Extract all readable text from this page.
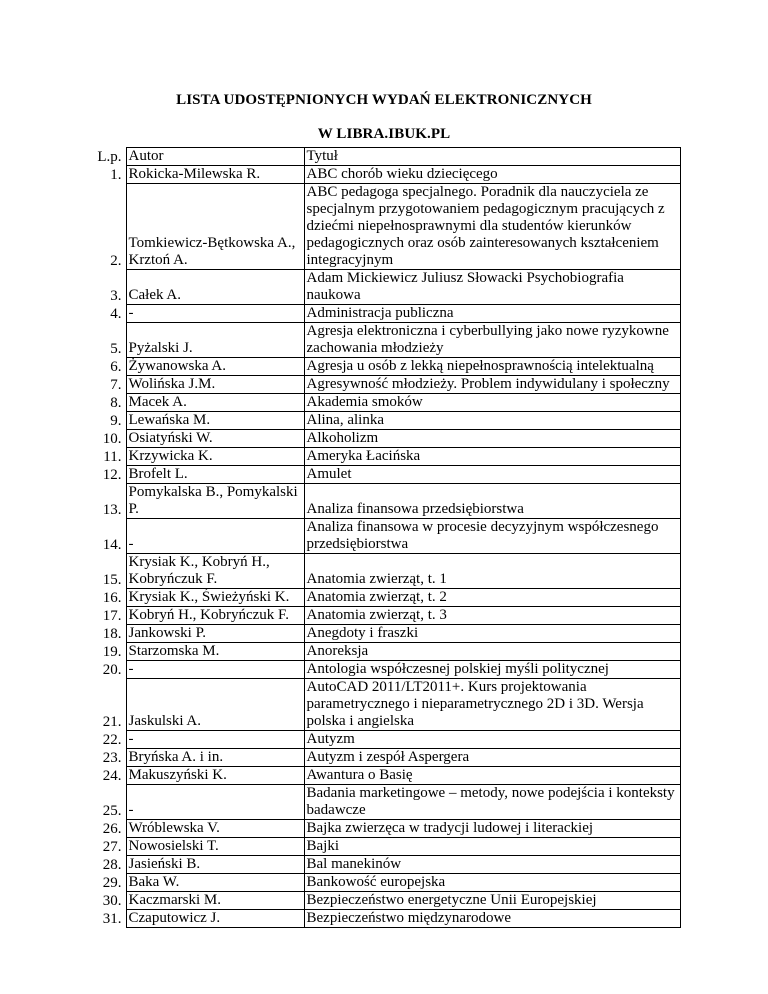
LISTA UDOSTĘPNIONYCH WYDAŃ ELEKTRONICZNYCH
W LIBRA.IBUK.PL
L.p.	Autor	Tytuł
1.	Rokicka-Milewska R.	ABC chorób wieku dziecięcego
2.	Tomkiewicz-Bętkowska A., Krztoń A.	ABC pedagoga specjalnego. Poradnik dla nauczyciela ze specjalnym przygotowaniem pedagogicznym pracujących z dziećmi niepełnosprawnymi dla studentów kierunków pedagogicznych oraz osób zainteresowanych kształceniem integracyjnym
3.	Całek A.	Adam Mickiewicz Juliusz Słowacki Psychobiografia naukowa
4.	-	Administracja publiczna
5.	Pyżalski J.	Agresja elektroniczna i cyberbullying jako nowe ryzykowne zachowania młodzieży
6.	Żywanowska A.	Agresja u osób z lekką niepełnosprawnością intelektualną
7.	Wolińska J.M.	Agresywność młodzieży. Problem indywidulany i społeczny
8.	Macek A.	Akademia smoków
9.	Lewańska M.	Alina, alinka
10.	Osiatyński W.	Alkoholizm
11.	Krzywicka K.	Ameryka Łacińska
12.	Brofelt L.	Amulet
13.	Pomykalska B., Pomykalski P.	Analiza finansowa przedsiębiorstwa
14.	-	Analiza finansowa w procesie decyzyjnym współczesnego przedsiębiorstwa
15.	Krysiak K., Kobryń H., Kobryńczuk F.	Anatomia zwierząt, t. 1
16.	Krysiak K., Świeżyński K.	Anatomia zwierząt, t. 2
17.	Kobryń H., Kobryńczuk F.	Anatomia zwierząt, t. 3
18.	Jankowski P.	Anegdoty i fraszki
19.	Starzomska M.	Anoreksja
20.	-	Antologia współczesnej polskiej myśli politycznej
21.	Jaskulski A.	AutoCAD 2011/LT2011+. Kurs projektowania parametrycznego i nieparametrycznego 2D i 3D. Wersja polska i angielska
22.	-	Autyzm
23.	Bryńska A. i in.	Autyzm i zespół Aspergera
24.	Makuszyński K.	Awantura o Basię
25.	-	Badania marketingowe – metody, nowe podejścia i konteksty badawcze
26.	Wróblewska V.	Bajka zwierzęca w tradycji ludowej i literackiej
27.	Nowosielski T.	Bajki
28.	Jasieński B.	Bal manekinów
29.	Baka W.	Bankowość europejska
30.	Kaczmarski M.	Bezpieczeństwo energetyczne Unii Europejskiej
31.	Czaputowicz J.	Bezpieczeństwo międzynarodowe
